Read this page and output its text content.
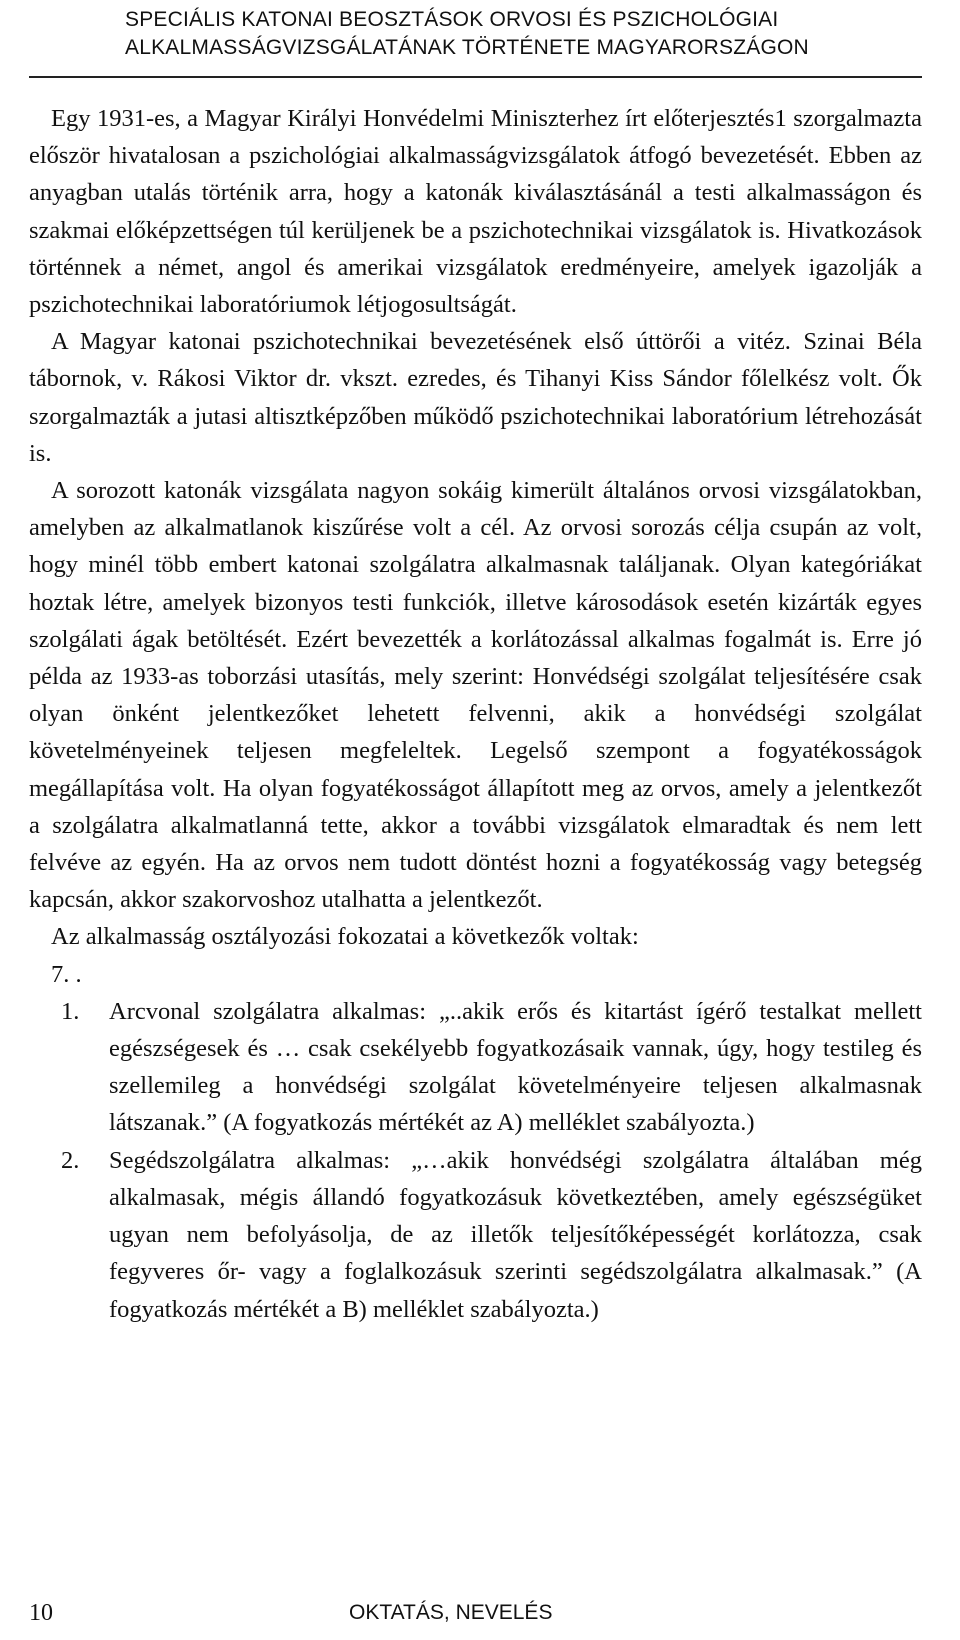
SPECIÁLIS KATONAI BEOSZTÁSOK ORVOSI ÉS PSZICHOLÓGIAI
ALKALMASSÁGVIZSGÁLATÁNAK TÖRTÉNETE MAGYARORSZÁGON

Egy 1931-es, a Magyar Királyi Honvédelmi Miniszterhez írt előterjesztés1 szorgalmazta először hivatalosan a pszichológiai alkalmasságvizsgálatok átfogó bevezetését. Ebben az anyagban utalás történik arra, hogy a katonák kiválasztásánál a testi alkalmasságon és szakmai előképzettségen túl kerüljenek be a pszichotechnikai vizsgálatok is. Hivatkozások történnek a német, angol és amerikai vizsgálatok eredményeire, amelyek igazolják a pszichotechnikai laboratóriumok létjogosultságát.

A Magyar katonai pszichotechnikai bevezetésének első úttörői a vitéz. Szinai Béla tábornok, v. Rákosi Viktor dr. vkszt. ezredes, és Tihanyi Kiss Sándor főlelkész volt. Ők szorgalmazták a jutasi altisztképzőben működő pszichotechnikai laboratórium létrehozását is.

A sorozott katonák vizsgálata nagyon sokáig kimerült általános orvosi vizsgálatokban, amelyben az alkalmatlanok kiszűrése volt a cél. Az orvosi sorozás célja csupán az volt, hogy minél több embert katonai szolgálatra alkalmasnak találjanak. Olyan kategóriákat hoztak létre, amelyek bizonyos testi funkciók, illetve károsodások esetén kizárták egyes szolgálati ágak betöltését. Ezért bevezették a korlátozással alkalmas fogalmát is. Erre jó példa az 1933-as toborzási utasítás, mely szerint: Honvédségi szolgálat teljesítésére csak olyan önként jelentkezőket lehetett felvenni, akik a honvédségi szolgálat követelményeinek teljesen megfeleltek. Legelső szempont a fogyatékosságok megállapítása volt. Ha olyan fogyatékosságot állapított meg az orvos, amely a jelentkezőt a szolgálatra alkalmatlanná tette, akkor a további vizsgálatok elmaradtak és nem lett felvéve az egyén. Ha az orvos nem tudott döntést hozni a fogyatékosság vagy betegség kapcsán, akkor szakorvoshoz utalhatta a jelentkezőt.

Az alkalmasság osztályozási fokozatai a következők voltak:

7. .

1. Arcvonal szolgálatra alkalmas: „..akik erős és kitartást ígérő testalkat mellett egészségesek és … csak csekélyebb fogyatkozásaik vannak, úgy, hogy testileg és szellemileg a honvédségi szolgálat követelményeire teljesen alkalmasnak látszanak.” (A fogyatkozás mértékét az A) melléklet szabályozta.)
2. Segédszolgálatra alkalmas: „…akik honvédségi szolgálatra általában még alkalmasak, mégis állandó fogyatkozásuk következtében, amely egészségüket ugyan nem befolyásolja, de az illetők teljesítőképességét korlátozza, csak fegyveres őr- vagy a foglalkozásuk szerinti segédszolgálatra alkalmasak.” (A fogyatkozás mértékét a B) melléklet szabályozta.)
10	OKTATÁS, NEVELÉS
